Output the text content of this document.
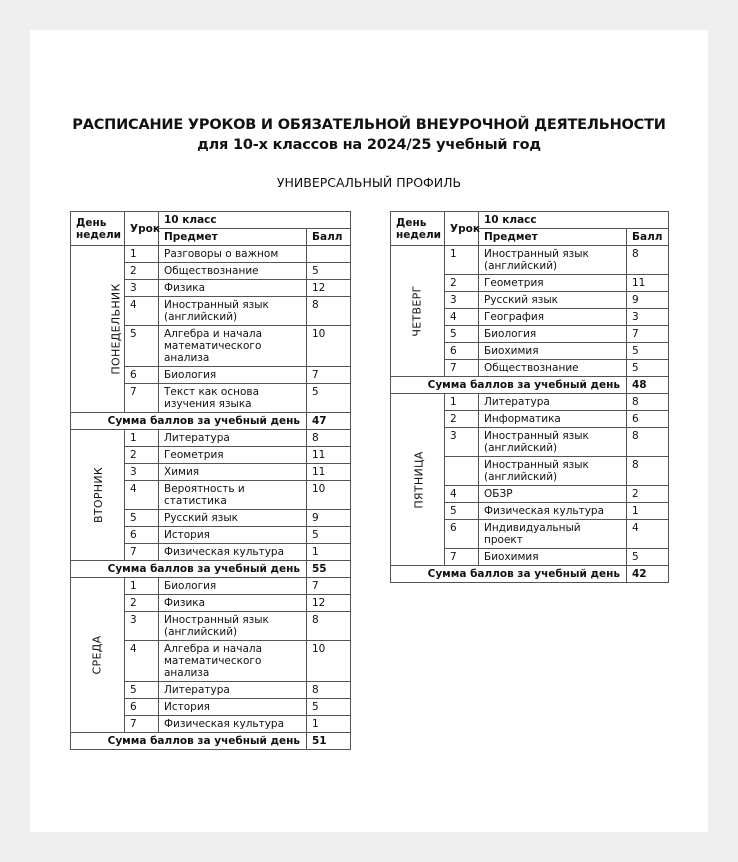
РАСПИСАНИЕ УРОКОВ И ОБЯЗАТЕЛЬНОЙ ВНЕУРОЧНОЙ ДЕЯТЕЛЬНОСТИ
для 10-х классов на 2024/25 учебный год
УНИВЕРСАЛЬНЫЙ ПРОФИЛЬ
День недели	Урок	10 класс	
		Предмет	Балл
ПОНЕДЕЛЬНИК	1	Разговоры о важном	
	2	Обществознание	5
	3	Физика	12
	4	Иностранный язык (английский)	8
	5	Алгебра и начала математического анализа	10
	6	Биология	7
	7	Текст как основа изучения языка	5
Сумма баллов за учебный день			47
ВТОРНИК	1	Литература	8
	2	Геометрия	11
	3	Химия	11
	4	Вероятность и статистика	10
	5	Русский язык	9
	6	История	5
	7	Физическая культура	1
Сумма баллов за учебный день			55
СРЕДА	1	Биология	7
	2	Физика	12
	3	Иностранный язык (английский)	8
	4	Алгебра и начала математического анализа	10
	5	Литература	8
	6	История	5
	7	Физическая культура	1
Сумма баллов за учебный день			51
День недели	Урок	10 класс	
		Предмет	Балл
ЧЕТВЕРГ	1	Иностранный язык (английский)	8
	2	Геометрия	11
	3	Русский язык	9
	4	География	3
	5	Биология	7
	6	Биохимия	5
	7	Обществознание	5
Сумма баллов за учебный день			48
ПЯТНИЦА	1	Литература	8
	2	Информатика	6
	3	Иностранный язык (английский)	8
		Иностранный язык (английский)	8
	4	ОБЗР	2
	5	Физическая культура	1
	6	Индивидуальный проект	4
	7	Биохимия	5
Сумма баллов за учебный день			42
